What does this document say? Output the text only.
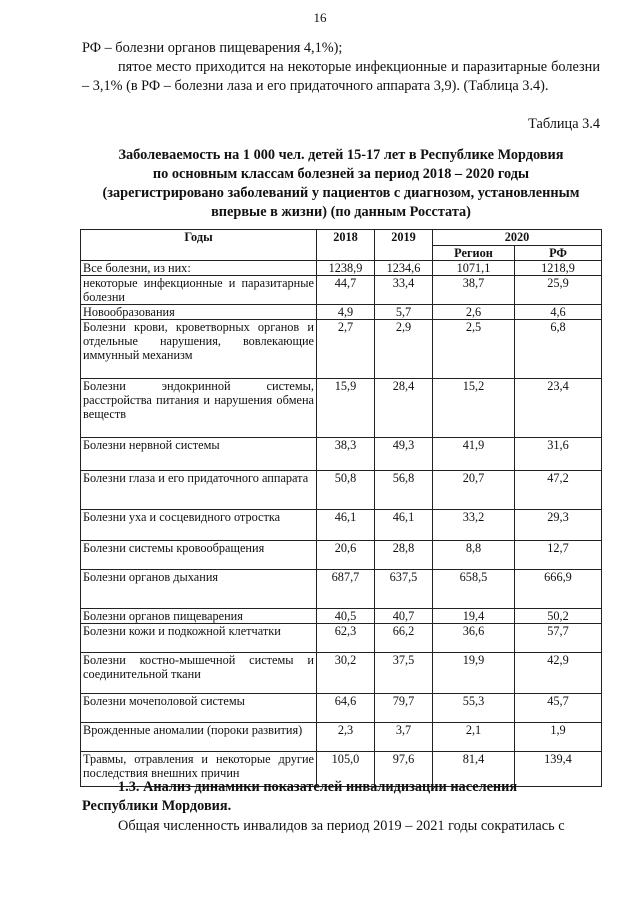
16
РФ – болезни органов пищеварения 4,1%);
пятое место приходится на некоторые инфекционные и паразитарные болезни – 3,1% (в РФ – болезни лаза и его придаточного аппарата 3,9). (Таблица 3.4).
Таблица 3.4
Заболеваемость на 1 000 чел. детей 15-17 лет в Республике Мордовия
по основным классам болезней за период 2018 – 2020 годы
(зарегистрировано заболеваний у пациентов с диагнозом, установленным
впервые в жизни) (по данным Росстата)
Годы	2018	2019	2020	
			Регион	РФ
Все болезни, из них:	1238,9	1234,6	1071,1	1218,9
некоторые инфекционные и паразитарные болезни	44,7	33,4	38,7	25,9
Новообразования	4,9	5,7	2,6	4,6
Болезни крови, кроветворных органов и отдельные нарушения, вовлекающие иммунный механизм	2,7	2,9	2,5	6,8
Болезни эндокринной системы, расстройства питания и нарушения обмена веществ	15,9	28,4	15,2	23,4
Болезни нервной системы	38,3	49,3	41,9	31,6
Болезни глаза и его придаточного аппарата	50,8	56,8	20,7	47,2
Болезни уха и сосцевидного отростка	46,1	46,1	33,2	29,3
Болезни системы кровообращения	20,6	28,8	8,8	12,7
Болезни органов дыхания	687,7	637,5	658,5	666,9
Болезни органов пищеварения	40,5	40,7	19,4	50,2
Болезни кожи и подкожной клетчатки	62,3	66,2	36,6	57,7
Болезни костно-мышечной системы и соединительной ткани	30,2	37,5	19,9	42,9
Болезни мочеполовой системы	64,6	79,7	55,3	45,7
Врожденные аномалии (пороки развития)	2,3	3,7	2,1	1,9
Травмы, отравления и некоторые другие последствия внешних причин	105,0	97,6	81,4	139,4
1.3. Анализ динамики показателей инвалидизации населения
Республики Мордовия.
Общая численность инвалидов за период 2019 – 2021 годы сократилась с
